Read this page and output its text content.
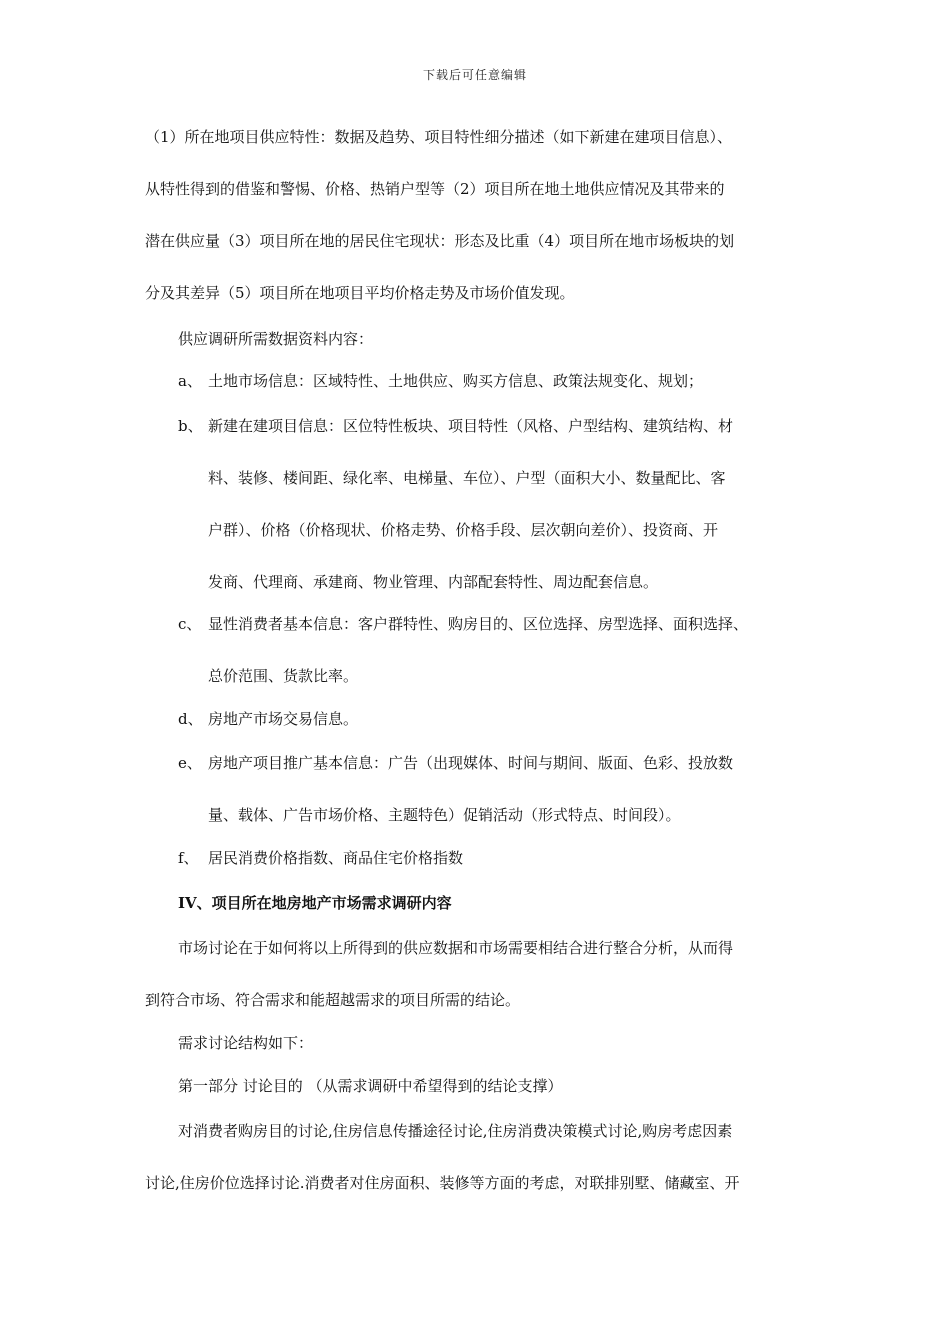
下载后可任意编辑
（1）所在地项目供应特性：数据及趋势、项目特性细分描述（如下新建在建项目信息）、
从特性得到的借鉴和警惕、价格、热销户型等（2）项目所在地土地供应情况及其带来的
潜在供应量（3）项目所在地的居民住宅现状：形态及比重（4）项目所在地市场板块的划
分及其差异（5）项目所在地项目平均价格走势及市场价值发现。
供应调研所需数据资料内容：
a、 土地市场信息：区域特性、土地供应、购买方信息、政策法规变化、规划；
b、 新建在建项目信息：区位特性板块、项目特性（风格、户型结构、建筑结构、材
料、装修、楼间距、绿化率、电梯量、车位）、户型（面积大小、数量配比、客
户群）、价格（价格现状、价格走势、价格手段、层次朝向差价）、投资商、开
发商、代理商、承建商、物业管理、内部配套特性、周边配套信息。
c、 显性消费者基本信息：客户群特性、购房目的、区位选择、房型选择、面积选择、
总价范围、货款比率。
d、 房地产市场交易信息。
e、 房地产项目推广基本信息：广告（出现媒体、时间与期间、版面、色彩、投放数
量、载体、广告市场价格、主题特色）促销活动（形式特点、时间段）。
f、 居民消费价格指数、商品住宅价格指数
IV、项目所在地房地产市场需求调研内容
市场讨论在于如何将以上所得到的供应数据和市场需要相结合进行整合分析，从而得
到符合市场、符合需求和能超越需求的项目所需的结论。
需求讨论结构如下：
第一部分 讨论目的 （从需求调研中希望得到的结论支撑）
对消费者购房目的讨论,住房信息传播途径讨论,住房消费决策模式讨论,购房考虑因素
讨论,住房价位选择讨论.消费者对住房面积、装修等方面的考虑，对联排别墅、储藏室、开
